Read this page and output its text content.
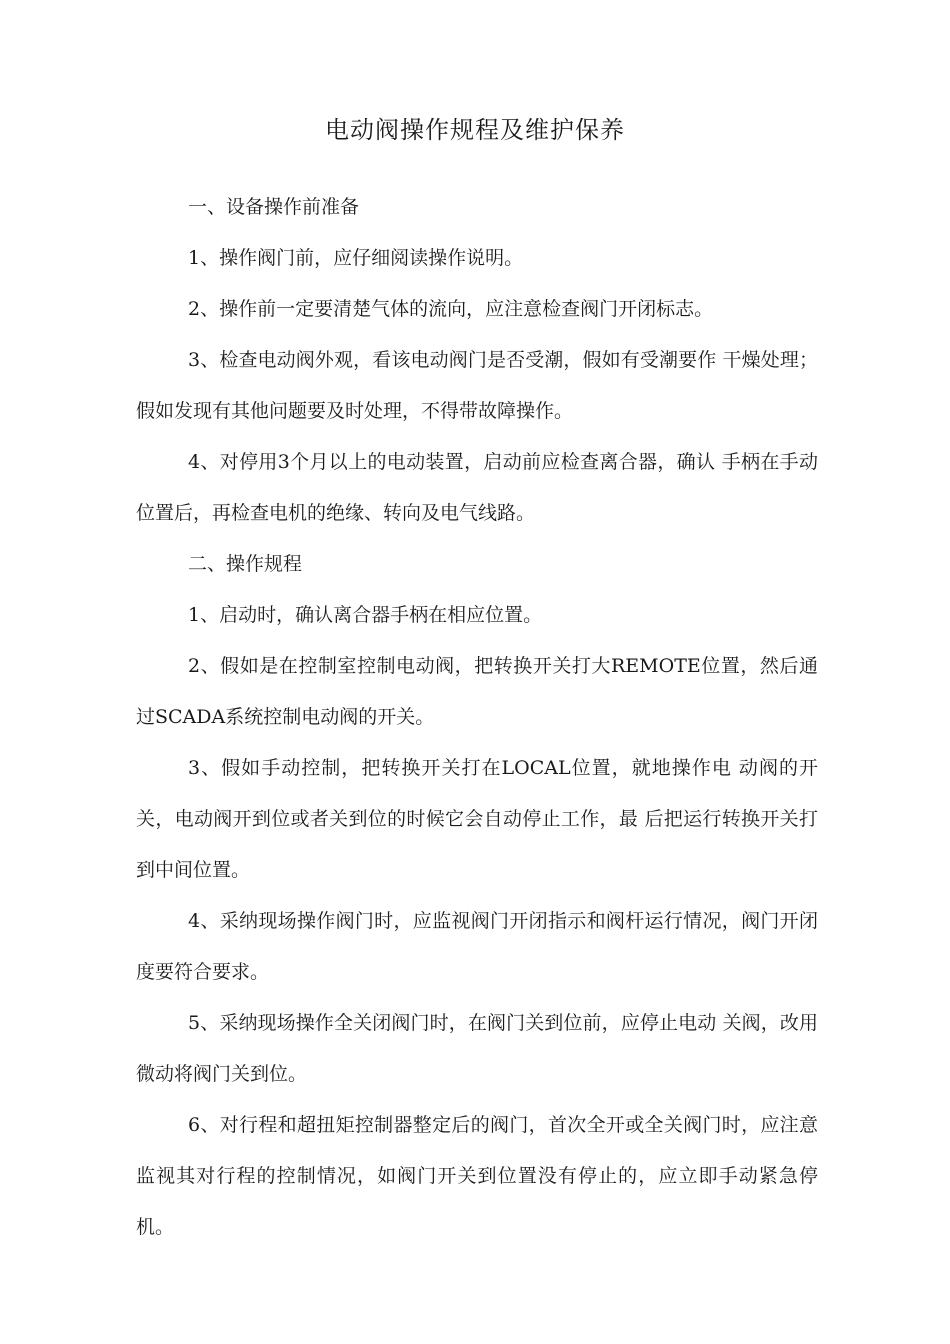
电动阀操作规程及维护保养

一、设备操作前准备

1、操作阀门前，应仔细阅读操作说明。

2、操作前一定要清楚气体的流向，应注意检查阀门开闭标志。

3、检查电动阀外观，看该电动阀门是否受潮，假如有受潮要作 干燥处理；假如发现有其他问题要及时处理，不得带故障操作。

4、对停用3个月以上的电动装置，启动前应检查离合器，确认 手柄在手动位置后，再检查电机的绝缘、转向及电气线路。

二、操作规程

1、启动时，确认离合器手柄在相应位置。

2、假如是在控制室控制电动阀，把转换开关打大REMOTE位置，然后通过SCADA系统控制电动阀的开关。

3、假如手动控制，把转换开关打在LOCAL位置，就地操作电 动阀的开关，电动阀开到位或者关到位的时候它会自动停止工作，最 后把运行转换开关打到中间位置。

4、采纳现场操作阀门时，应监视阀门开闭指示和阀杆运行情况，阀门开闭度要符合要求。

5、采纳现场操作全关闭阀门时，在阀门关到位前，应停止电动 关阀，改用微动将阀门关到位。

6、对行程和超扭矩控制器整定后的阀门，首次全开或全关阀门时，应注意监视其对行程的控制情况，如阀门开关到位置没有停止的，应立即手动紧急停机。
